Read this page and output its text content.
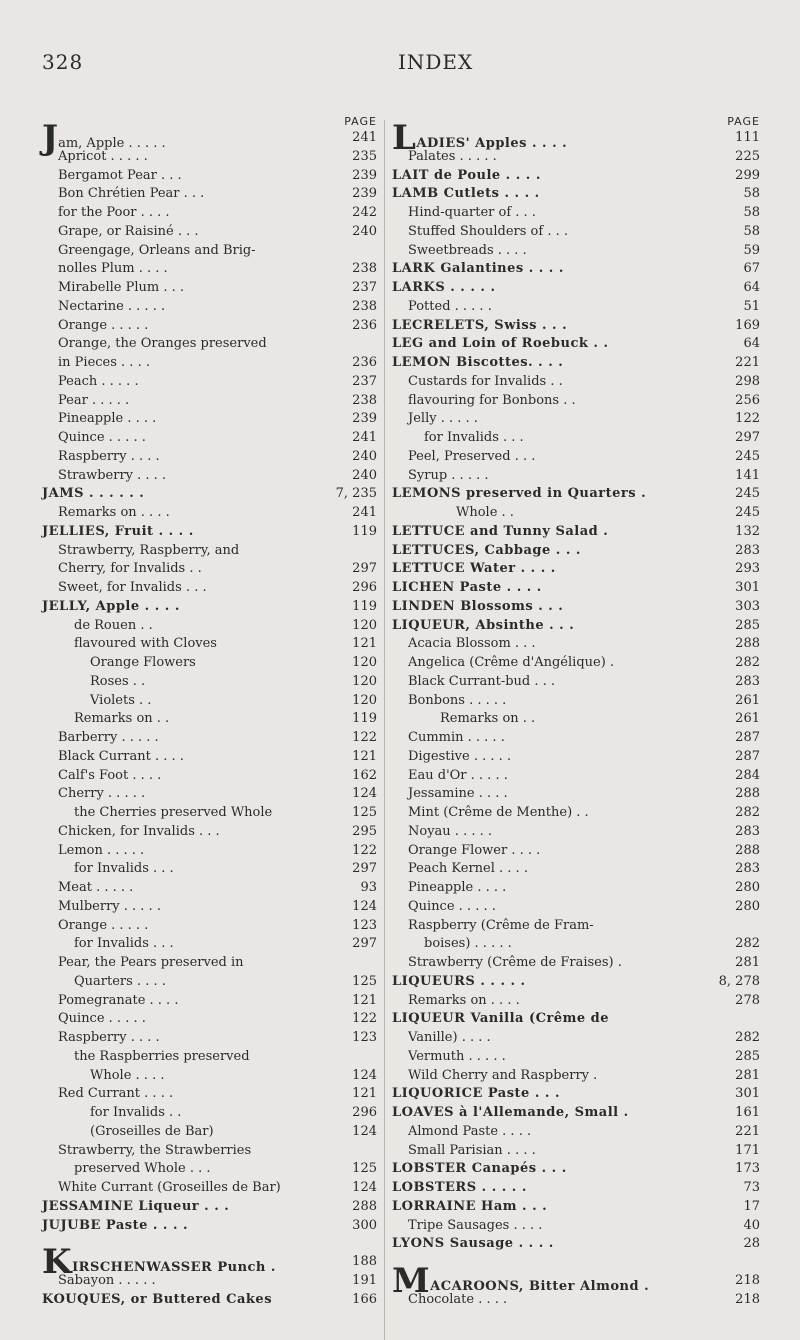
328	INDEX
PAGE
Jam, Apple . . . . .	241
Apricot . . . . .	235
Bergamot Pear . . .	239
Bon Chrétien Pear . . .	239
for the Poor . . . .	242
Grape, or Raisiné . . .	240
Greengage, Orleans and Brig-
nolles Plum . . . .	238
Mirabelle Plum . . .	237
Nectarine . . . . .	238
Orange . . . . .	236
Orange, the Oranges preserved
in Pieces . . . .	236
Peach . . . . .	237
Pear . . . . .	238
Pineapple . . . .	239
Quince . . . . .	241
Raspberry . . . .	240
Strawberry . . . .	240
JAMS . . . . . .	7, 235
Remarks on . . . .	241
JELLIES, Fruit . . . .	119
Strawberry, Raspberry, and
Cherry, for Invalids . .	297
Sweet, for Invalids . . .	296
JELLY, Apple . . . .	119
de Rouen . .	120
flavoured with Cloves	121
Orange Flowers	120
Roses . .	120
Violets . .	120
Remarks on . .	119
Barberry . . . . .	122
Black Currant . . . .	121
Calf's Foot . . . .	162
Cherry . . . . .	124
the Cherries preserved Whole	125
Chicken, for Invalids . . .	295
Lemon . . . . .	122
for Invalids . . .	297
Meat . . . . .	93
Mulberry . . . . .	124
Orange . . . . .	123
for Invalids . . .	297
Pear, the Pears preserved in
Quarters . . . .	125
Pomegranate . . . .	121
Quince . . . . .	122
Raspberry . . . .	123
the Raspberries preserved
Whole . . . .	124
Red Currant . . . .	121
for Invalids . .	296
(Groseilles de Bar)	124
Strawberry, the Strawberries
preserved Whole . . .	125
White Currant (Groseilles de Bar)	124
JESSAMINE Liqueur . . .	288
JUJUBE Paste . . . .	300
KIRSCHENWASSER Punch .	188
Sabayon . . . . .	191
KOUQUES, or Buttered Cakes	166
PAGE
LADIES' Apples . . . .	111
Palates . . . . .	225
LAIT de Poule . . . .	299
LAMB Cutlets . . . .	58
Hind-quarter of . . .	58
Stuffed Shoulders of . . .	58
Sweetbreads . . . .	59
LARK Galantines . . . .	67
LARKS . . . . .	64
Potted . . . . .	51
LECRELETS, Swiss . . .	169
LEG and Loin of Roebuck . .	64
LEMON Biscottes. . . .	221
Custards for Invalids . .	298
flavouring for Bonbons . .	256
Jelly . . . . .	122
for Invalids . . .	297
Peel, Preserved . . .	245
Syrup . . . . .	141
LEMONS preserved in Quarters .	245
Whole . .	245
LETTUCE and Tunny Salad .	132
LETTUCES, Cabbage . . .	283
LETTUCE Water . . . .	293
LICHEN Paste . . . .	301
LINDEN Blossoms . . .	303
LIQUEUR, Absinthe . . .	285
Acacia Blossom . . .	288
Angelica (Crême d'Angélique) .	282
Black Currant-bud . . .	283
Bonbons . . . . .	261
Remarks on . .	261
Cummin . . . . .	287
Digestive . . . . .	287
Eau d'Or . . . . .	284
Jessamine . . . .	288
Mint (Crême de Menthe) . .	282
Noyau . . . . .	283
Orange Flower . . . .	288
Peach Kernel . . . .	283
Pineapple . . . .	280
Quince . . . . .	280
Raspberry (Crême de Fram-
boises) . . . . .	282
Strawberry (Crême de Fraises) .	281
LIQUEURS . . . . .	8, 278
Remarks on . . . .	278
LIQUEUR Vanilla (Crême de
Vanille) . . . .	282
Vermuth . . . . .	285
Wild Cherry and Raspberry .	281
LIQUORICE Paste . . .	301
LOAVES à l'Allemande, Small .	161
Almond Paste . . . .	221
Small Parisian . . . .	171
LOBSTER Canapés . . .	173
LOBSTERS . . . . .	73
LORRAINE Ham . . .	17
Tripe Sausages . . . .	40
LYONS Sausage . . . .	28
MACAROONS, Bitter Almond .	218
Chocolate . . . .	218
